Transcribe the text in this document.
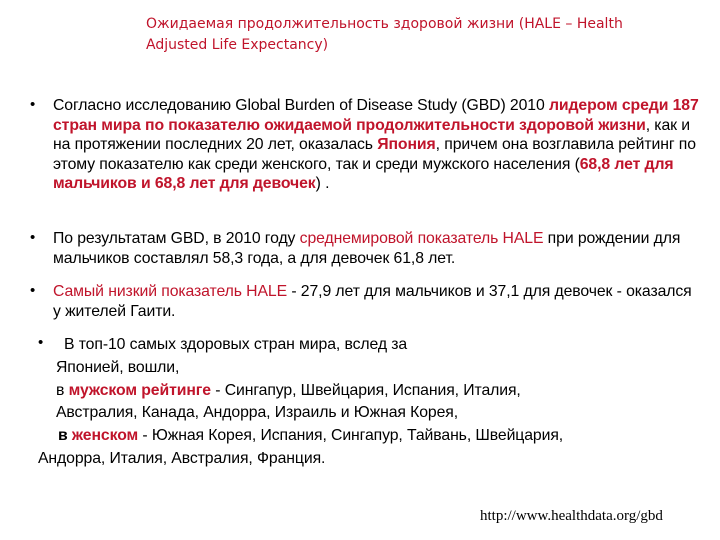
Ожидаемая продолжительность здоровой жизни (HALE – Health
Adjusted Life Expectancy)
• Согласно исследованию Global Burden of Disease Study (GBD) 2010 лидером среди 187 стран мира по показателю ожидаемой продолжительности здоровой жизни, как и на протяжении последних 20 лет, оказалась Япония, причем она возглавила рейтинг по этому показателю как среди женского, так и среди мужского населения (68,8 лет для мальчиков и 68,8 лет для девочек) .
• По результатам GBD, в 2010 году среднемировой показатель HALE при рождении для мальчиков составлял 58,3 года, а для девочек 61,8 лет.
• Самый низкий показатель HALE - 27,9 лет для мальчиков и 37,1 для девочек - оказался у жителей Гаити.
•	В топ-10 самых здоровых стран мира, вслед за
Японией, вошли,
в мужском рейтинге - Сингапур, Швейцария, Испания, Италия,
Австралия, Канада, Андорра, Израиль и Южная Корея,
в женском - Южная Корея, Испания, Сингапур, Тайвань, Швейцария,
Андорра, Италия, Австралия, Франция.
http://www.healthdata.org/gbd
